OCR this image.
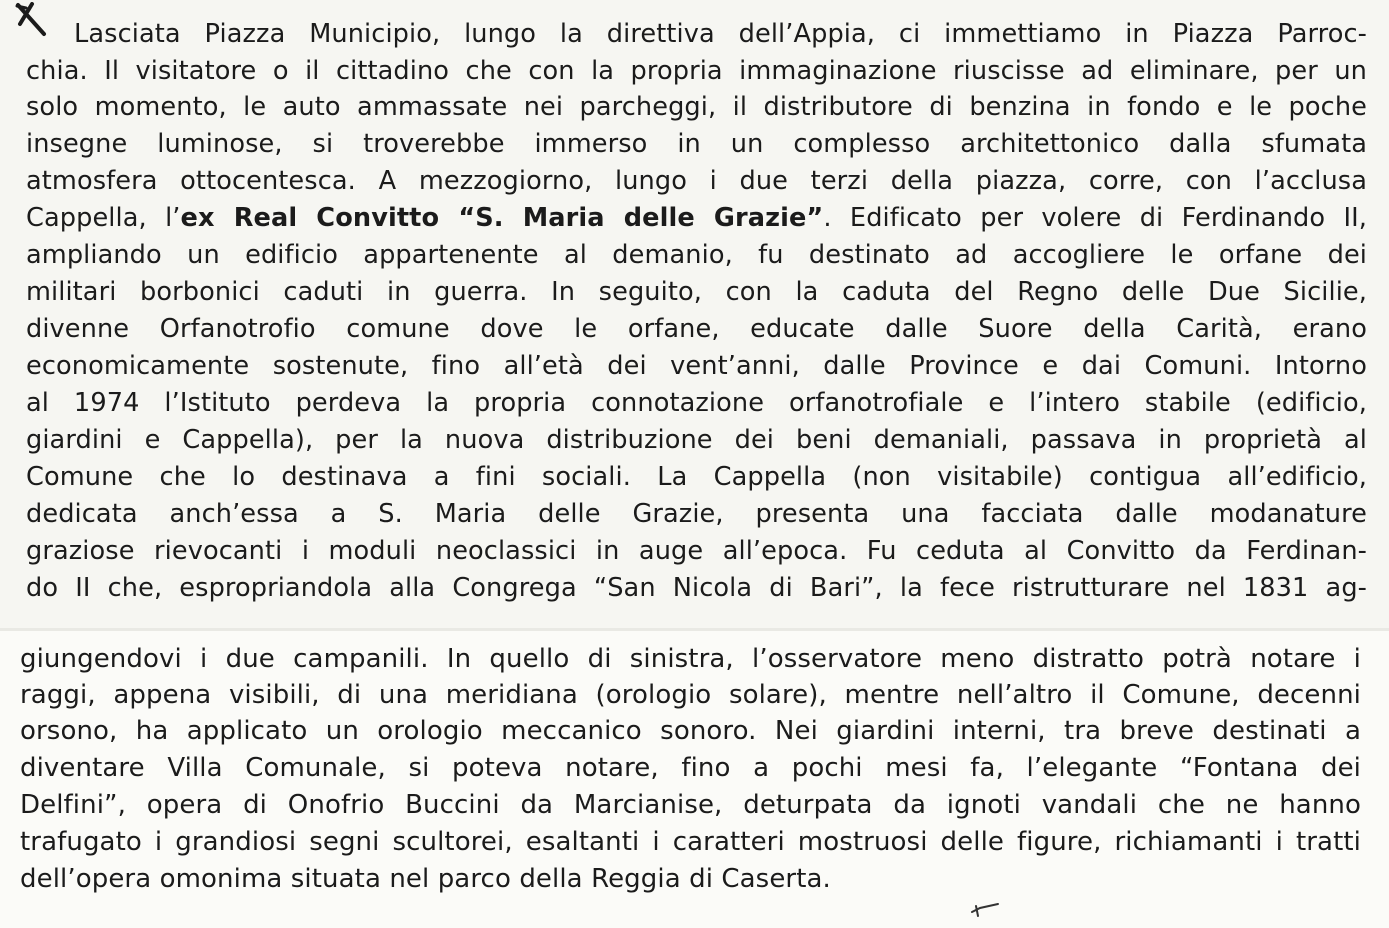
Lasciata Piazza Municipio, lungo la direttiva dell’Appia, ci immettiamo in Piazza Parroc-
chia. Il visitatore o il cittadino che con la propria immaginazione riuscisse ad eliminare, per un
solo momento, le auto ammassate nei parcheggi, il distributore di benzina in fondo e le poche
insegne luminose, si troverebbe immerso in un complesso architettonico dalla sfumata
atmosfera ottocentesca. A mezzogiorno, lungo i due terzi della piazza, corre, con l’acclusa
Cappella, l’ex Real Convitto “S. Maria delle Grazie”. Edificato per volere di Ferdinando II,
ampliando un edificio appartenente al demanio, fu destinato ad accogliere le orfane dei
militari borbonici caduti in guerra. In seguito, con la caduta del Regno delle Due Sicilie,
divenne Orfanotrofio comune dove le orfane, educate dalle Suore della Carità, erano
economicamente sostenute, fino all’età dei vent’anni, dalle Province e dai Comuni. Intorno
al 1974 l’Istituto perdeva la propria connotazione orfanotrofiale e l’intero stabile (edificio,
giardini e Cappella), per la nuova distribuzione dei beni demaniali, passava in proprietà al
Comune che lo destinava a fini sociali. La Cappella (non visitabile) contigua all’edificio,
dedicata anch’essa a S. Maria delle Grazie, presenta una facciata dalle modanature
graziose rievocanti i moduli neoclassici in auge all’epoca. Fu ceduta al Convitto da Ferdinan-
do II che, espropriandola alla Congrega “San Nicola di Bari”, la fece ristrutturare nel 1831 ag-
giungendovi i due campanili. In quello di sinistra, l’osservatore meno distratto potrà notare i
raggi, appena visibili, di una meridiana (orologio solare), mentre nell’altro il Comune, decenni
orsono, ha applicato un orologio meccanico sonoro. Nei giardini interni, tra breve destinati a
diventare Villa Comunale, si poteva notare, fino a pochi mesi fa, l’elegante “Fontana dei
Delfini”, opera di Onofrio Buccini da Marcianise, deturpata da ignoti vandali che ne hanno
trafugato i grandiosi segni scultorei, esaltanti i caratteri mostruosi delle figure, richiamanti i tratti
dell’opera omonima situata nel parco della Reggia di Caserta.
